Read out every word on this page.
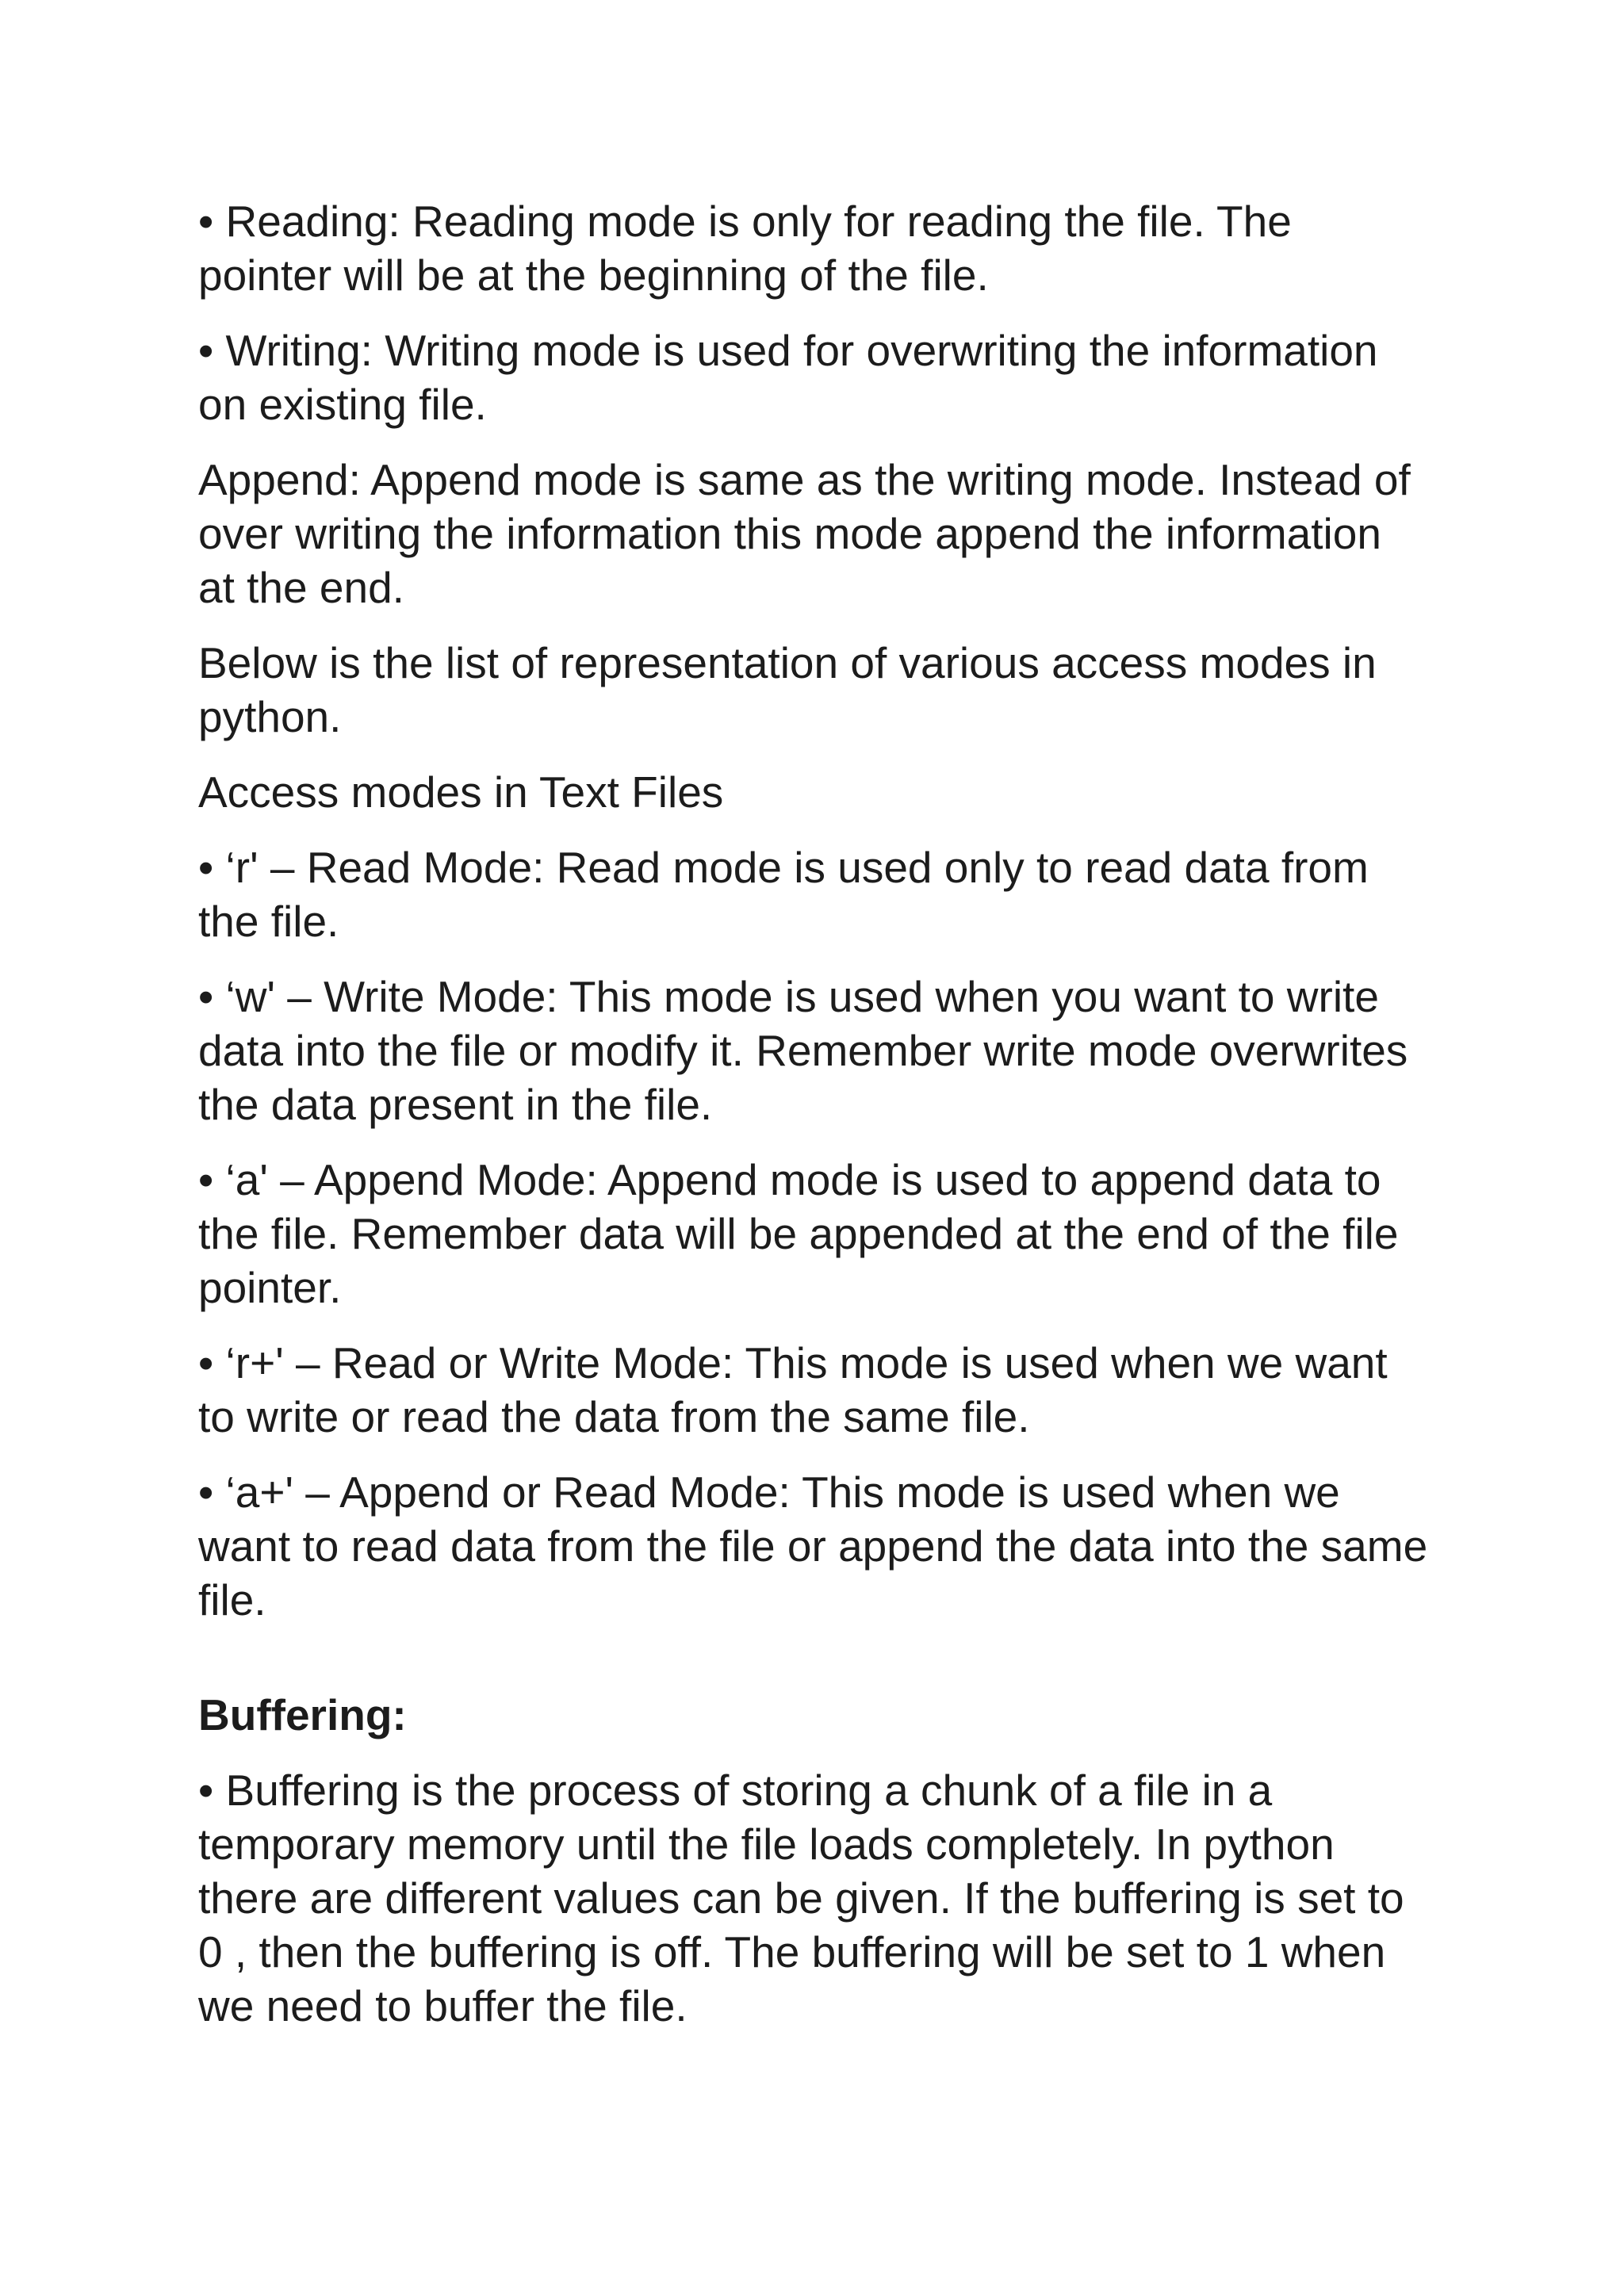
• Reading: Reading mode is only for reading the file. The
pointer will be at the beginning of the file.

• Writing: Writing mode is used for overwriting the information
on existing file.

Append: Append mode is same as the writing mode. Instead of
over writing the information this mode append the information
at the end.

Below is the list of representation of various access modes in
python.

Access modes in Text Files

• ‘r' – Read Mode: Read mode is used only to read data from
the file.

• ‘w' – Write Mode: This mode is used when you want to write
data into the file or modify it. Remember write mode overwrites
the data present in the file.

• ‘a' – Append Mode: Append mode is used to append data to
the file. Remember data will be appended at the end of the file
pointer.

• ‘r+' – Read or Write Mode: This mode is used when we want
to write or read the data from the same file.

• ‘a+' – Append or Read Mode: This mode is used when we
want to read data from the file or append the data into the same
file.

Buffering:

• Buffering is the process of storing a chunk of a file in a
temporary memory until the file loads completely. In python
there are different values can be given. If the buffering is set to
0 , then the buffering is off. The buffering will be set to 1 when
we need to buffer the file.
